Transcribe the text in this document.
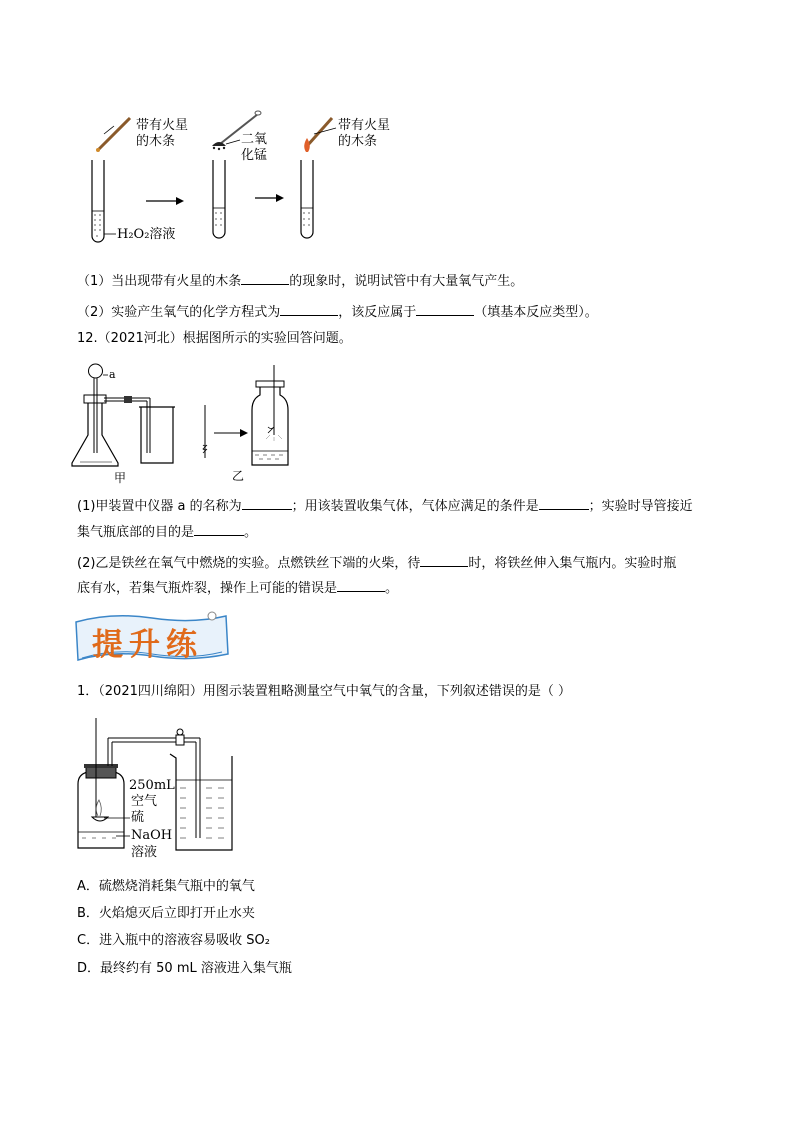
带有火星
的木条	二氧
化锰
带有火星
的木条
H₂O₂溶液
（1）当出现带有火星的木条	的现象时，说明试管中有大量氧气产生。
（2）实验产生氧气的化学方程式为	，该反应属于	（填基本反应类型）。
12.（2021河北）根据图所示的实验回答问题。
a
甲	乙
(1)甲装置中仪器 a 的名称为	；用该装置收集气体，气体应满足的条件是	；实验时导管接近
集气瓶底部的目的是	。
(2)乙是铁丝在氧气中燃烧的实验。点燃铁丝下端的火柴，待	时，将铁丝伸入集气瓶内。实验时瓶
底有水，若集气瓶炸裂，操作上可能的错误是	。
提升练
1．（2021四川绵阳）用图示装置粗略测量空气中氧气的含量，下列叙述错误的是（ ）
250mL
空气
硫
NaOH
溶液
A．硫燃烧消耗集气瓶中的氧气
B．火焰熄灭后立即打开止水夹
C．进入瓶中的溶液容易吸收 SO₂
D．最终约有 50 mL 溶液进入集气瓶
